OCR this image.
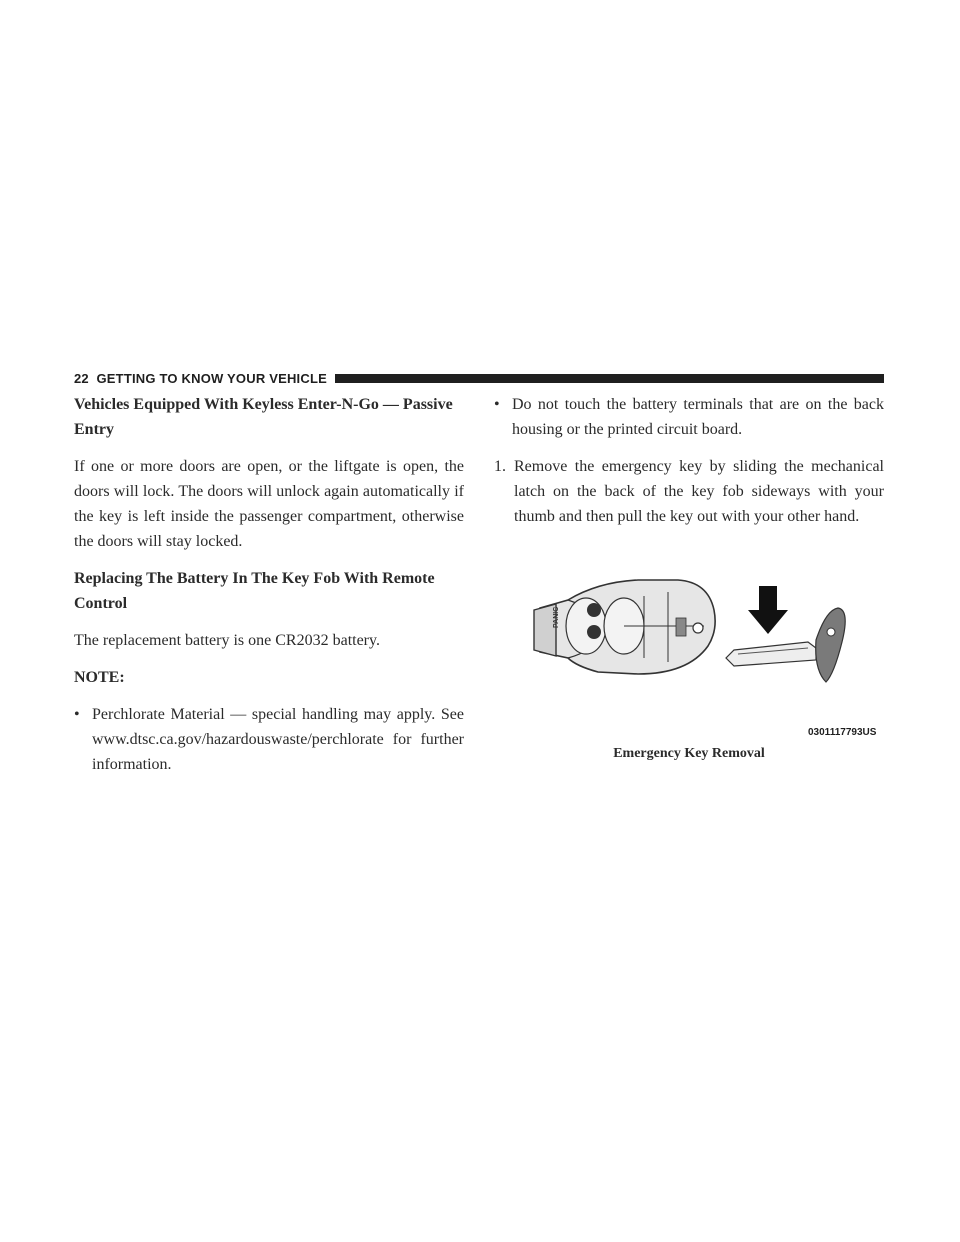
22 GETTING TO KNOW YOUR VEHICLE
Vehicles Equipped With Keyless Enter-N-Go — Passive Entry
If one or more doors are open, or the liftgate is open, the doors will lock. The doors will unlock again automatically if the key is left inside the passenger compartment, otherwise the doors will stay locked.
Replacing The Battery In The Key Fob With Remote Control
The replacement battery is one CR2032 battery.
NOTE:
• Perchlorate Material — special handling may apply. See www.dtsc.ca.gov/hazardouswaste/perchlorate for further information.
• Do not touch the battery terminals that are on the back housing or the printed circuit board.
1. Remove the emergency key by sliding the mechanical latch on the back of the key fob sideways with your thumb and then pull the key out with your other hand.
PANIC
0301117793US
Emergency Key Removal
